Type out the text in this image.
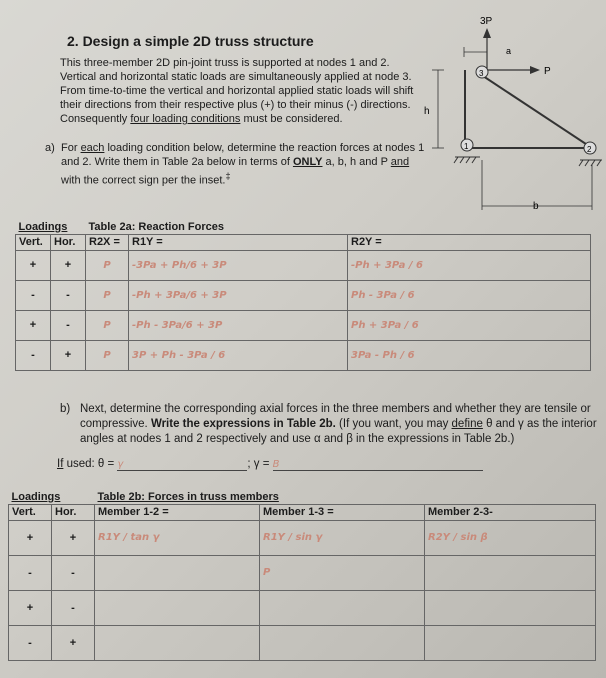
2. Design a simple 2D truss structure
This three-member 2D pin-joint truss is supported at nodes 1 and 2. Vertical and horizontal static loads are simultaneously applied at node 3. From time-to-time the vertical and horizontal applied static loads will shift their directions from their respective plus (+) to their minus (-) directions. Consequently four loading conditions must be considered.
a) For each loading condition below, determine the reaction forces at nodes 1 and 2. Write them in Table 2a below in terms of ONLY a, b, h and P and with the correct sign per the inset.‡
3P
P
a
h
3
1	2
b
Loadings		Table 2a: Reaction Forces		
Vert.	Hor.	R2X =	R1Y =	R2Y =
+	+	P	-3Pa + Ph/6 + 3P	-Ph + 3Pa / 6
-	-	P	-Ph + 3Pa/6 + 3P	Ph - 3Pa / 6
+	-	P	-Ph - 3Pa/6 + 3P	Ph + 3Pa / 6
-	+	P	3P + Ph - 3Pa / 6	3Pa - Ph / 6
b) Next, determine the corresponding axial forces in the three members and whether they are tensile or compressive. Write the expressions in Table 2b. (If you want, you may define θ and γ as the interior angles at nodes 1 and 2 respectively and use α and β in the expressions in Table 2b.)
If used: θ = γ	; γ = B
Loadings		Table 2b: Forces in truss members		
Vert.	Hor.	Member 1-2 =	Member 1-3 =	Member 2-3-
+	+	R1Y / tan γ	R1Y / sin γ	R2Y / sin β
-	-		P	
+	-			
-	+			
